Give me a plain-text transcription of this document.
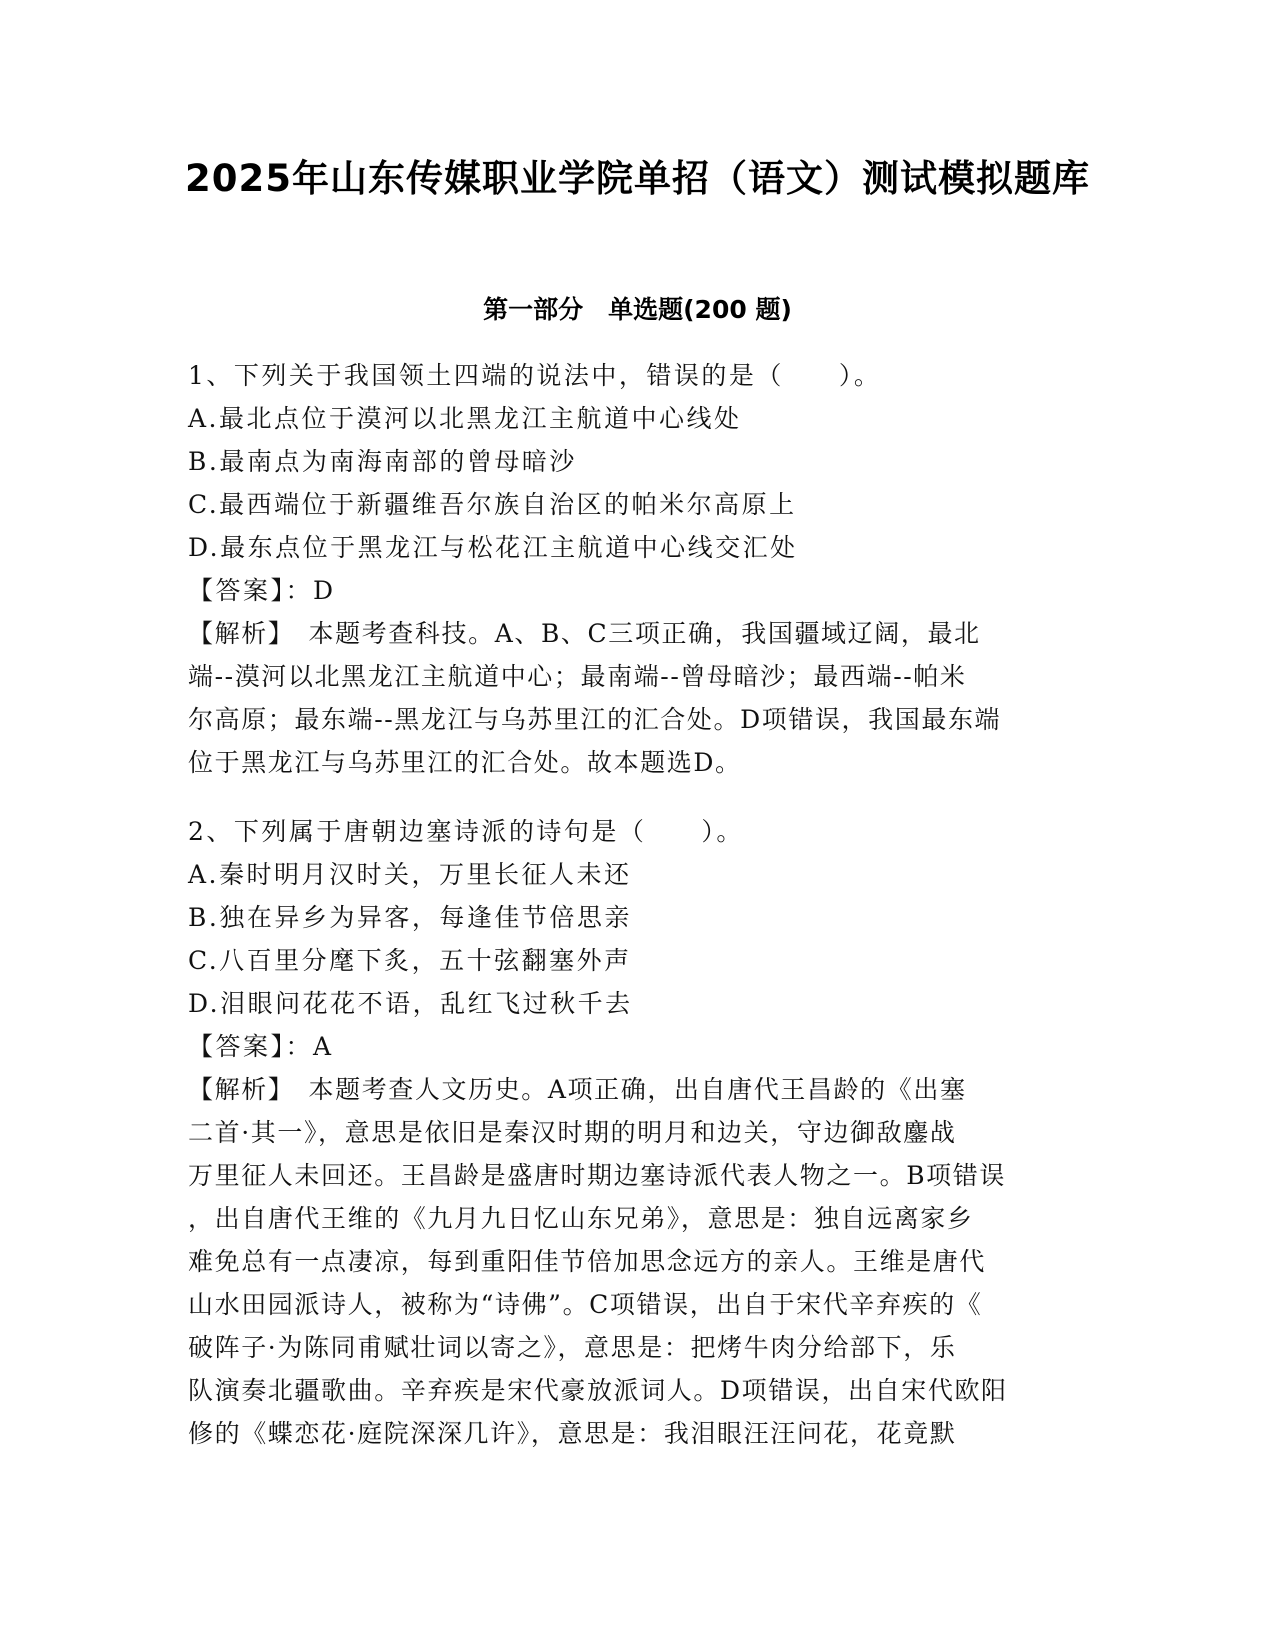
2025年山东传媒职业学院单招（语文）测试模拟题库
第一部分　单选题(200 题)
1、下列关于我国领土四端的说法中，错误的是（　　）。
A.最北点位于漠河以北黑龙江主航道中心线处
B.最南点为南海南部的曾母暗沙
C.最西端位于新疆维吾尔族自治区的帕米尔高原上
D.最东点位于黑龙江与松花江主航道中心线交汇处
【答案】：D
【解析】　本题考查科技。A、B、C三项正确，我国疆域辽阔，最北
端--漠河以北黑龙江主航道中心；最南端--曾母暗沙；最西端--帕米
尔高原；最东端--黑龙江与乌苏里江的汇合处。D项错误，我国最东端
位于黑龙江与乌苏里江的汇合处。故本题选D。
2、下列属于唐朝边塞诗派的诗句是（　　）。
A.秦时明月汉时关，万里长征人未还
B.独在异乡为异客，每逢佳节倍思亲
C.八百里分麾下炙，五十弦翻塞外声
D.泪眼问花花不语，乱红飞过秋千去
【答案】：A
【解析】　本题考查人文历史。A项正确，出自唐代王昌龄的《出塞
二首·其一》，意思是依旧是秦汉时期的明月和边关，守边御敌鏖战
万里征人未回还。王昌龄是盛唐时期边塞诗派代表人物之一。B项错误
，出自唐代王维的《九月九日忆山东兄弟》，意思是：独自远离家乡
难免总有一点凄凉，每到重阳佳节倍加思念远方的亲人。王维是唐代
山水田园派诗人，被称为“诗佛”。C项错误，出自于宋代辛弃疾的《
破阵子·为陈同甫赋壮词以寄之》，意思是：把烤牛肉分给部下，乐
队演奏北疆歌曲。辛弃疾是宋代豪放派词人。D项错误，出自宋代欧阳
修的《蝶恋花·庭院深深几许》，意思是：我泪眼汪汪问花，花竟默
